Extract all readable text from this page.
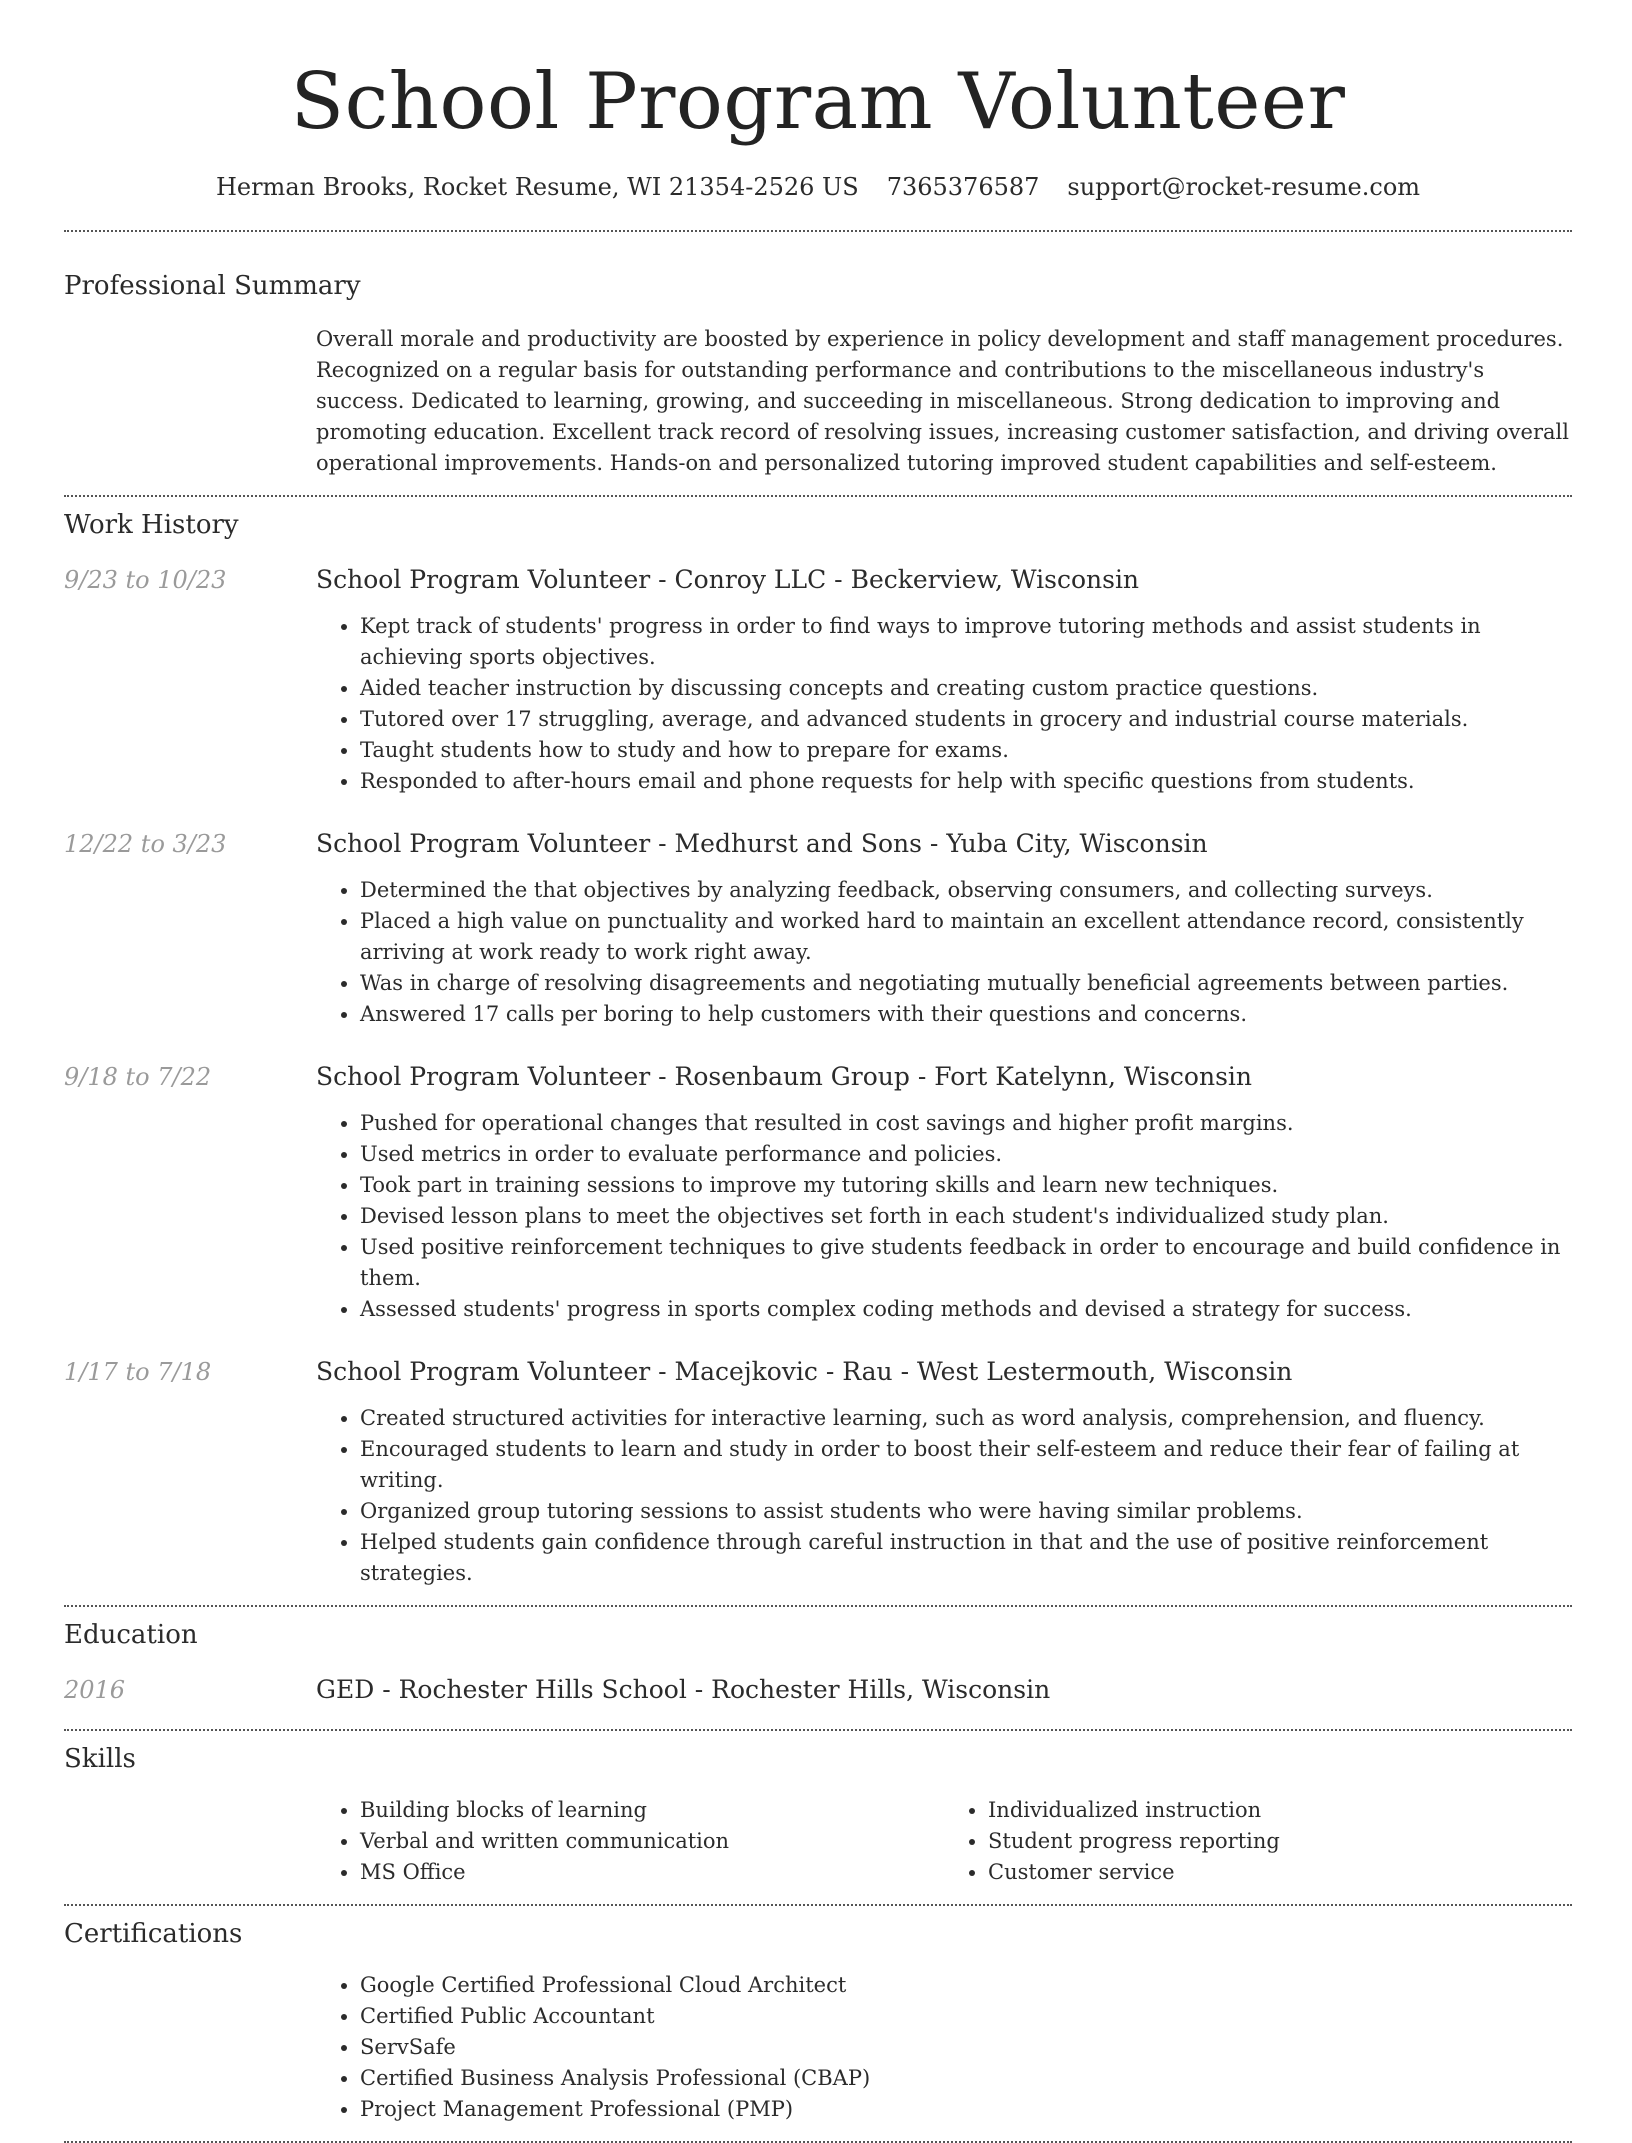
School Program Volunteer
Herman Brooks, Rocket Resume, WI 21354-2526 US 7365376587 support@rocket-resume.com
Professional Summary

Overall morale and productivity are boosted by experience in policy development and staff management procedures. Recognized on a regular basis for outstanding performance and contributions to the miscellaneous industry's success. Dedicated to learning, growing, and succeeding in miscellaneous. Strong dedication to improving and promoting education. Excellent track record of resolving issues, increasing customer satisfaction, and driving overall operational improvements. Hands-on and personalized tutoring improved student capabilities and self-esteem.

Work History
9/23 to 10/23	School Program Volunteer - Conroy LLC - Beckerview, Wisconsin
• Kept track of students' progress in order to find ways to improve tutoring methods and assist students in achieving sports objectives.
• Aided teacher instruction by discussing concepts and creating custom practice questions.
• Tutored over 17 struggling, average, and advanced students in grocery and industrial course materials.
• Taught students how to study and how to prepare for exams.
• Responded to after-hours email and phone requests for help with specific questions from students.
12/22 to 3/23	School Program Volunteer - Medhurst and Sons - Yuba City, Wisconsin
• Determined the that objectives by analyzing feedback, observing consumers, and collecting surveys.
• Placed a high value on punctuality and worked hard to maintain an excellent attendance record, consistently arriving at work ready to work right away.
• Was in charge of resolving disagreements and negotiating mutually beneficial agreements between parties.
• Answered 17 calls per boring to help customers with their questions and concerns.
9/18 to 7/22	School Program Volunteer - Rosenbaum Group - Fort Katelynn, Wisconsin
• Pushed for operational changes that resulted in cost savings and higher profit margins.
• Used metrics in order to evaluate performance and policies.
• Took part in training sessions to improve my tutoring skills and learn new techniques.
• Devised lesson plans to meet the objectives set forth in each student's individualized study plan.
• Used positive reinforcement techniques to give students feedback in order to encourage and build confidence in them.
• Assessed students' progress in sports complex coding methods and devised a strategy for success.
1/17 to 7/18	School Program Volunteer - Macejkovic - Rau - West Lestermouth, Wisconsin
• Created structured activities for interactive learning, such as word analysis, comprehension, and fluency.
• Encouraged students to learn and study in order to boost their self-esteem and reduce their fear of failing at writing.
• Organized group tutoring sessions to assist students who were having similar problems.
• Helped students gain confidence through careful instruction in that and the use of positive reinforcement strategies.
Education
2016	GED - Rochester Hills School - Rochester Hills, Wisconsin
Skills
• Building blocks of learning
• Verbal and written communication
• MS Office
• Individualized instruction
• Student progress reporting
• Customer service
Certifications
• Google Certified Professional Cloud Architect
• Certified Public Accountant
• ServSafe
• Certified Business Analysis Professional (CBAP)
• Project Management Professional (PMP)
